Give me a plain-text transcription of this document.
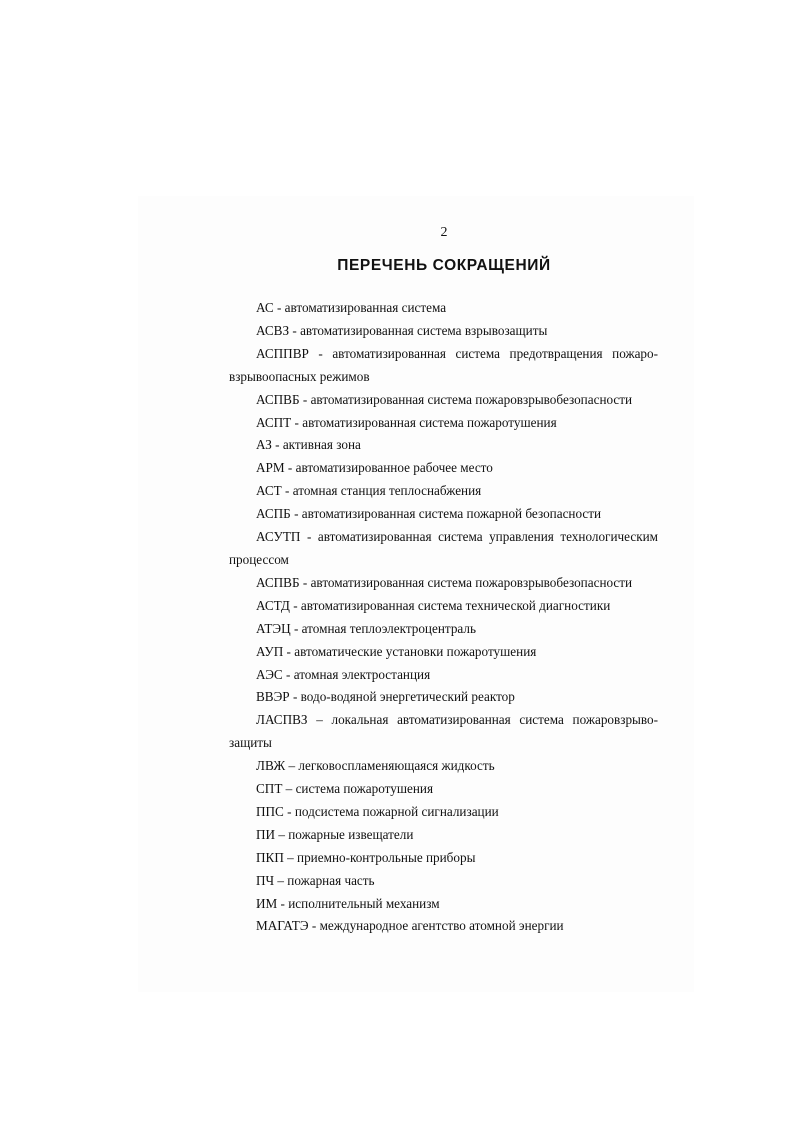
2
ПЕРЕЧЕНЬ СОКРАЩЕНИЙ
АС - автоматизированная система
АСВЗ - автоматизированная система взрывозащиты
АСППВР - автоматизированная система предотвращения пожаро-взрывоопасных режимов
АСПВБ - автоматизированная система пожаровзрывобезопасности
АСПТ - автоматизированная система пожаротушения
АЗ - активная зона
АРМ - автоматизированное рабочее место
АСТ - атомная станция теплоснабжения
АСПБ - автоматизированная система пожарной безопасности
АСУТП - автоматизированная система управления технологическим процессом
АСПВБ - автоматизированная система пожаровзрывобезопасности
АСТД - автоматизированная система технической диагностики
АТЭЦ - атомная теплоэлектроцентраль
АУП - автоматические установки пожаротушения
АЭС - атомная электростанция
ВВЭР - водо-водяной энергетический реактор
ЛАСПВЗ – локальная автоматизированная система пожаровзрыво-защиты
ЛВЖ – легковоспламеняющаяся жидкость
СПТ – система пожаротушения
ППС - подсистема пожарной сигнализации
ПИ – пожарные извещатели
ПКП – приемно-контрольные приборы
ПЧ – пожарная часть
ИМ - исполнительный механизм
МАГАТЭ - международное агентство атомной энергии
